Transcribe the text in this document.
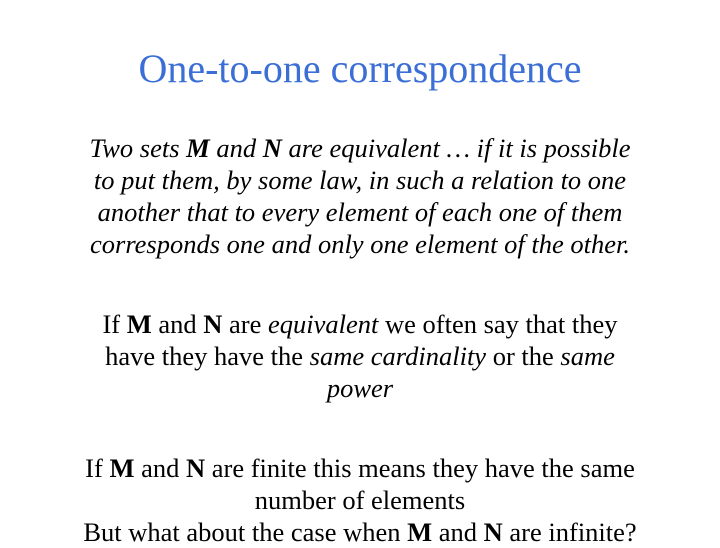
One-to-one correspondence

Two sets M and N are equivalent … if it is possible
to put them, by some law, in such a relation to one
another that to every element of each one of them
corresponds one and only one element of the other.

If M and N are equivalent we often say that they
have they have the same cardinality or the same
power

If M and N are finite this means they have the same
number of elements

But what about the case when M and N are infinite?
